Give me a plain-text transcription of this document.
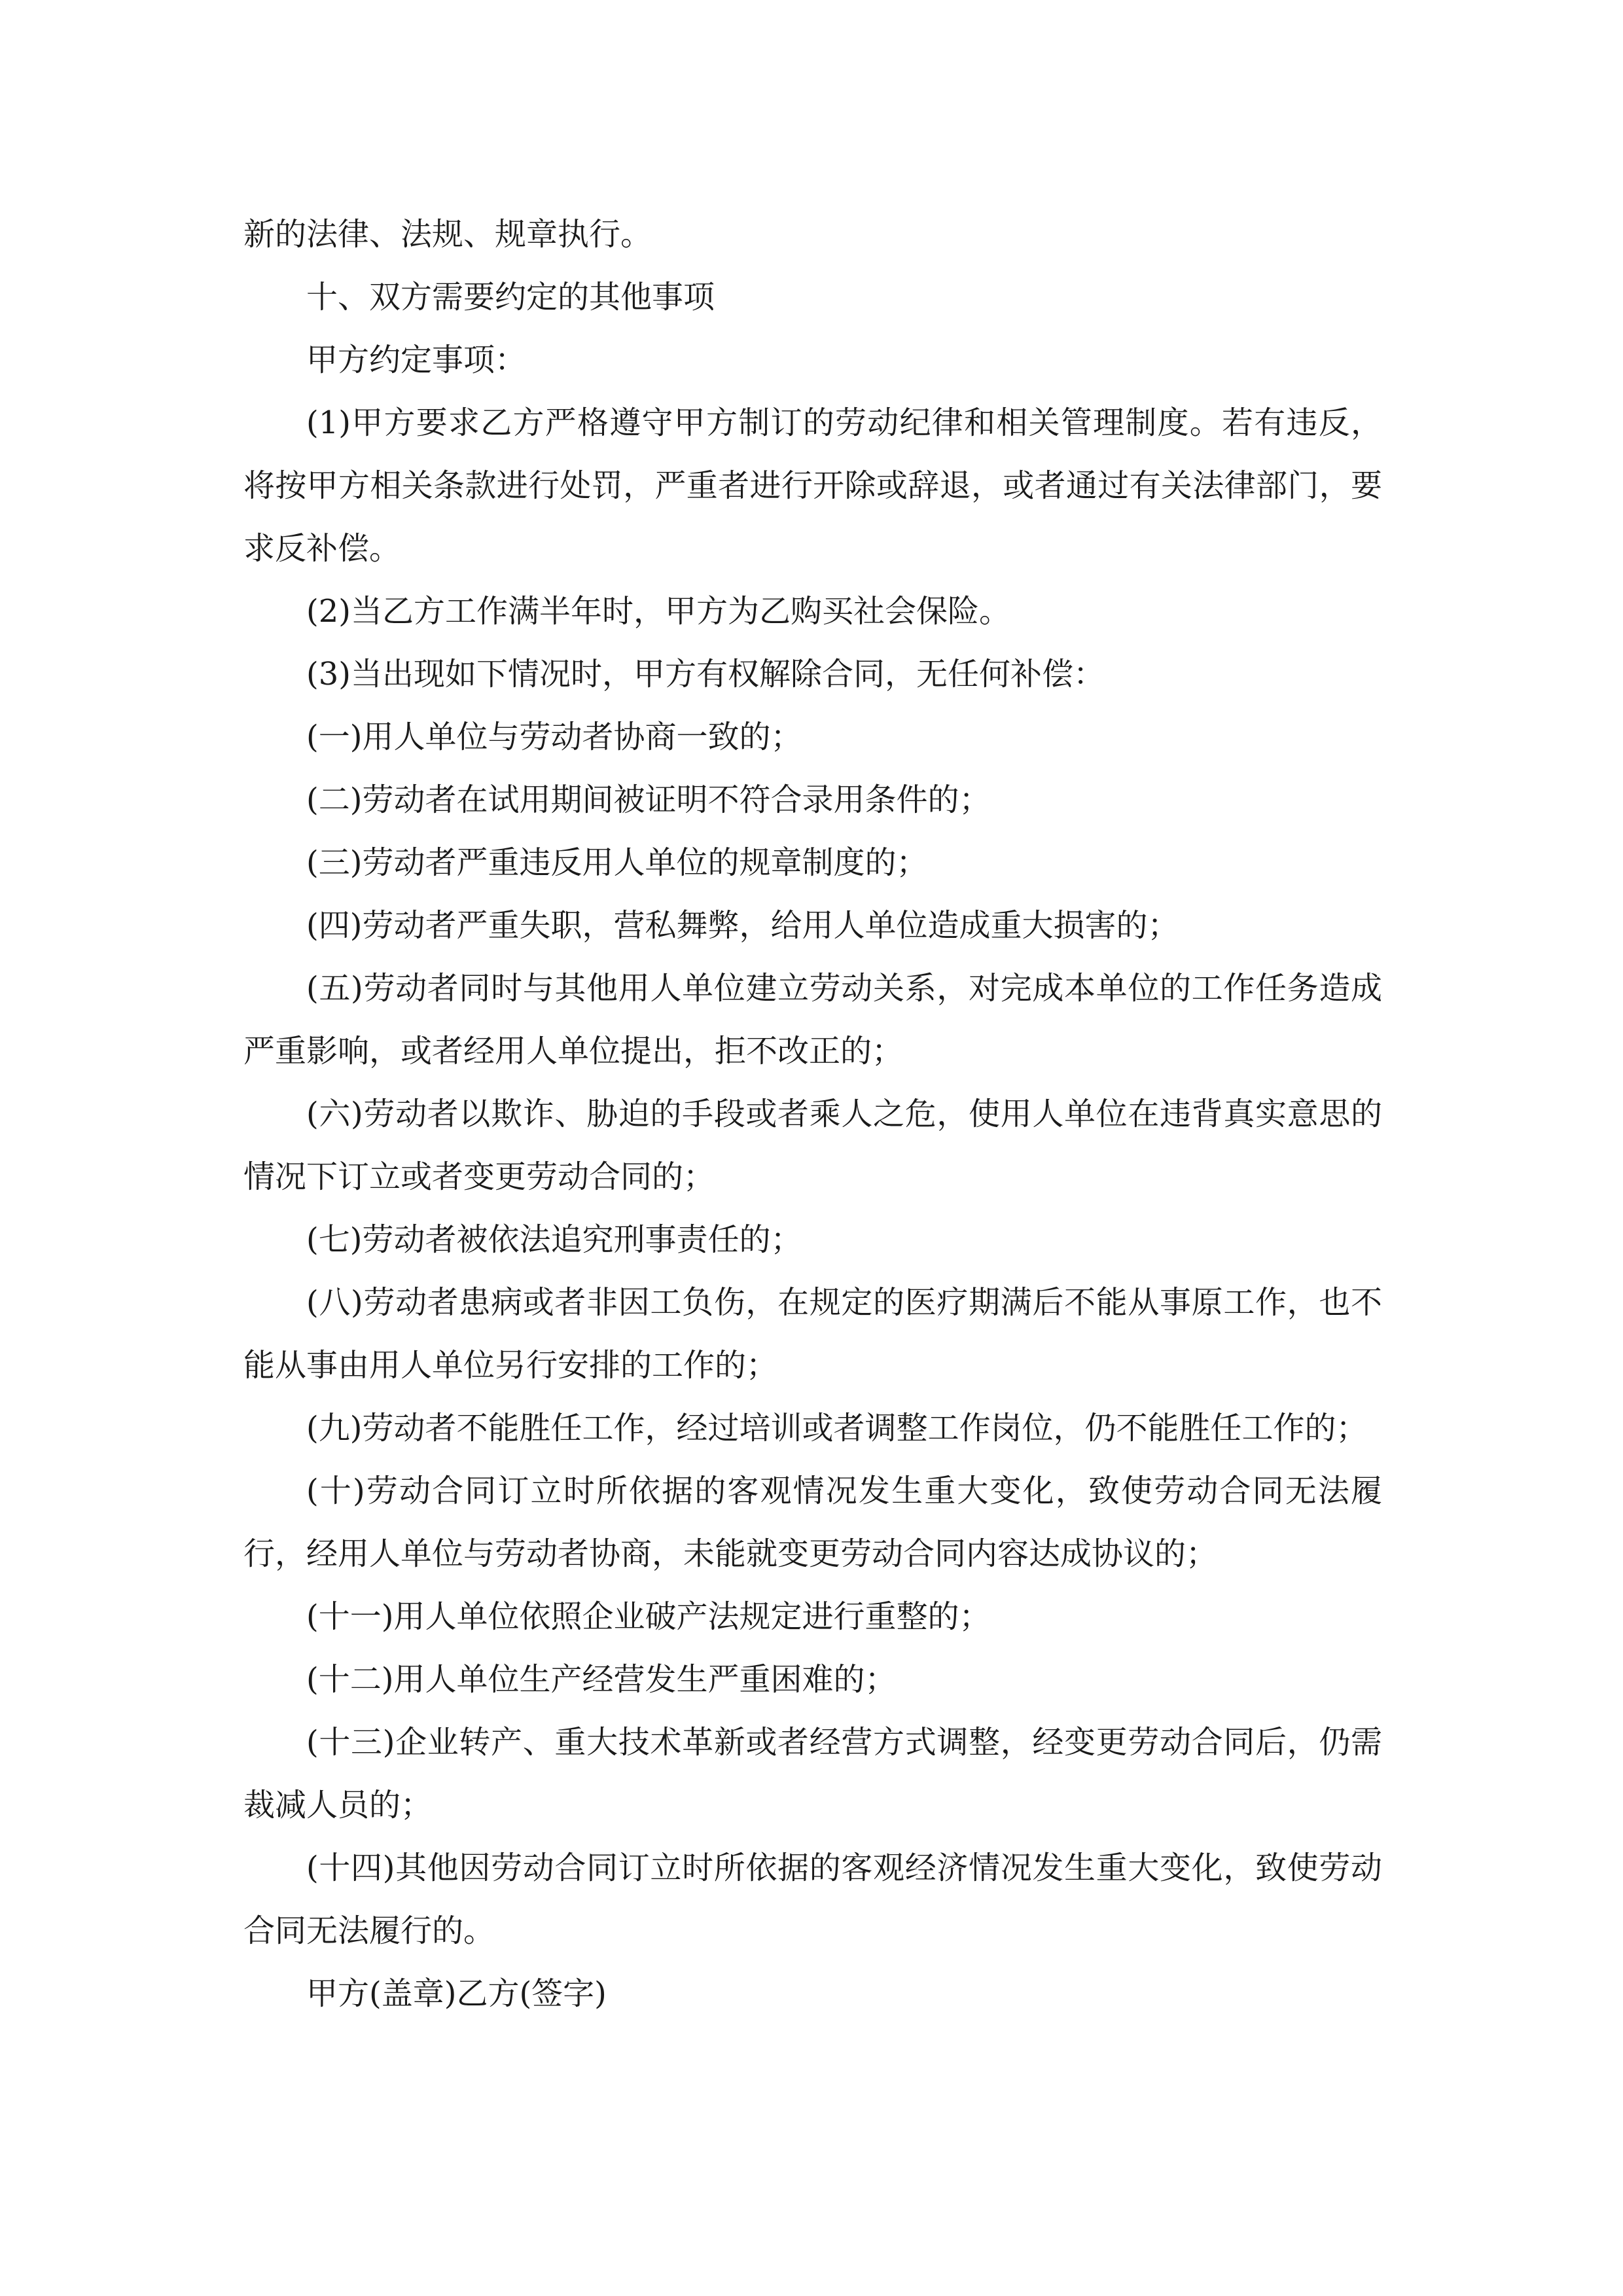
新的法律、法规、规章执行。

十、双方需要约定的其他事项

甲方约定事项：

(1)甲方要求乙方严格遵守甲方制订的劳动纪律和相关管理制度。若有违反，将按甲方相关条款进行处罚，严重者进行开除或辞退，或者通过有关法律部门，要求反补偿。

(2)当乙方工作满半年时，甲方为乙购买社会保险。

(3)当出现如下情况时，甲方有权解除合同，无任何补偿：

(一)用人单位与劳动者协商一致的；

(二)劳动者在试用期间被证明不符合录用条件的；

(三)劳动者严重违反用人单位的规章制度的；

(四)劳动者严重失职，营私舞弊，给用人单位造成重大损害的；

(五)劳动者同时与其他用人单位建立劳动关系，对完成本单位的工作任务造成严重影响，或者经用人单位提出，拒不改正的；

(六)劳动者以欺诈、胁迫的手段或者乘人之危，使用人单位在违背真实意思的情况下订立或者变更劳动合同的；

(七)劳动者被依法追究刑事责任的；

(八)劳动者患病或者非因工负伤，在规定的医疗期满后不能从事原工作，也不能从事由用人单位另行安排的工作的；

(九)劳动者不能胜任工作，经过培训或者调整工作岗位，仍不能胜任工作的；

(十)劳动合同订立时所依据的客观情况发生重大变化，致使劳动合同无法履行，经用人单位与劳动者协商，未能就变更劳动合同内容达成协议的；

(十一)用人单位依照企业破产法规定进行重整的；

(十二)用人单位生产经营发生严重困难的；

(十三)企业转产、重大技术革新或者经营方式调整，经变更劳动合同后，仍需裁减人员的；

(十四)其他因劳动合同订立时所依据的客观经济情况发生重大变化，致使劳动合同无法履行的。

甲方(盖章)乙方(签字)
